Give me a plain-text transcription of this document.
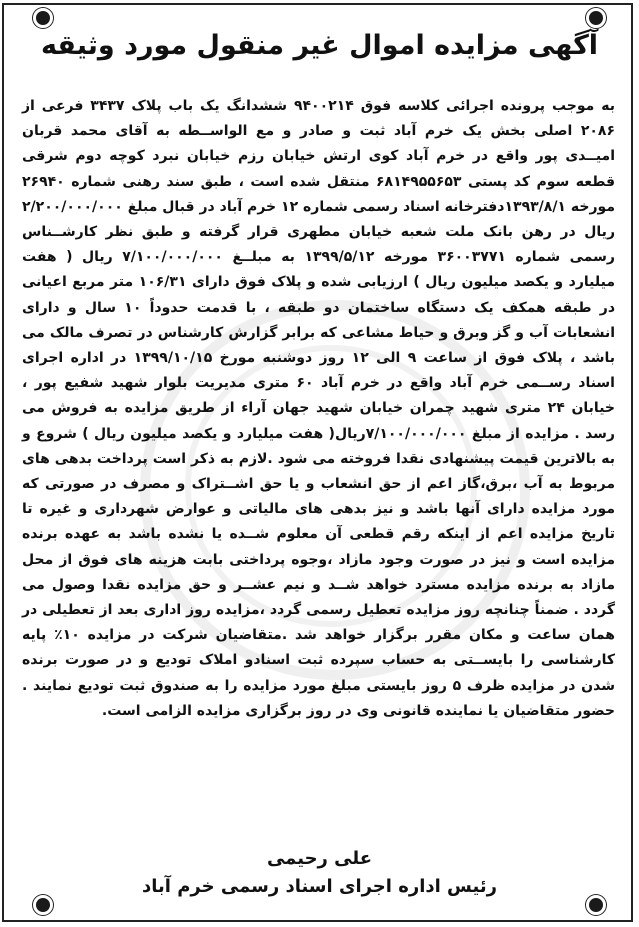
آگهی مزایده اموال غیر منقول مورد وثیقه
به موجب پرونده اجرائی کلاسه فوق ۹۴۰۰۲۱۴ ششدانگ یک باب پلاک ۳۴۳۷ فرعی از ۲۰۸۶ اصلی بخش یک خرم آباد ثبت و صادر و مع الواســطه به آقای محمد قربان امیــدی پور واقع در خرم آباد کوی ارتش خیابان رزم خیابان نبرد کوچه دوم شرقی قطعه سوم کد پستی ۶۸۱۴۹۵۵۶۵۳ منتقل شده است ، طبق سند رهنی شماره ۲۶۹۴۰ مورخه ۱۳۹۳/۸/۱دفترخانه اسناد رسمی شماره ۱۲ خرم آباد در قبال مبلغ ۲/۲۰۰/۰۰۰/۰۰۰ ریال در رهن بانک ملت شعبه خیابان مطهری قرار گرفته و طبق نظر کارشــناس رسمی شماره ۳۶۰۰۳۷۷۱ مورخه ۱۳۹۹/۵/۱۲ به مبلــغ ۷/۱۰۰/۰۰۰/۰۰۰ ریال ( هفت میلیارد و یکصد میلیون ریال ) ارزیابی شده و پلاک فوق دارای ۱۰۶/۳۱ متر مربع اعیانی در طبقه همکف یک دستگاه ساختمان دو طبقه ، با قدمت حدوداً ۱۰ سال و دارای انشعابات آب و گز وبرق و حیاط مشاعی که برابر گزارش کارشناس در تصرف مالک می باشد ، پلاک فوق از ساعت ۹ الی ۱۲ روز دوشنبه مورخ ۱۳۹۹/۱۰/۱۵ در اداره اجرای اسناد رســمی خرم آباد واقع در خرم آباد ۶۰ متری مدیریت بلوار شهید شفیع پور ، خیابان ۲۴ متری شهید چمران خیابان شهید جهان آراء از طریق مزایده به فروش می رسد . مزایده از مبلغ ۷/۱۰۰/۰۰۰/۰۰۰ریال( هفت میلیارد و یکصد میلیون ریال ) شروع و به بالاترین قیمت پیشنهادی نقدا فروخته می شود .لازم به ذکر است پرداخت بدهی های مربوط به آب ،برق،گاز اعم از حق انشعاب و یا حق اشــتراک و مصرف در صورتی که مورد مزایده دارای آنها باشد و نیز بدهی های مالیاتی و عوارض شهرداری و غیره تا تاریخ مزایده اعم از اینکه رقم قطعی آن معلوم شــده یا نشده باشد به عهده برنده مزایده است و نیز در صورت وجود مازاد ،وجوه پرداختی بابت هزینه های فوق از محل مازاد به برنده مزایده مسترد خواهد شــد و نیم عشــر و حق مزایده نقدا وصول می گردد . ضمناً چنانچه روز مزایده تعطیل رسمی گردد ،مزایده روز اداری بعد از تعطیلی در همان ساعت و مکان مقرر برگزار خواهد شد .متقاضیان شرکت در مزایده ۱۰٪ پایه کارشناسی را بایســتی به حساب سپرده ثبت اسنادو املاک تودیع و در صورت برنده شدن در مزایده ظرف ۵ روز بایستی مبلغ مورد مزایده را به صندوق ثبت تودیع نمایند . حضور متقاضیان یا نماینده قانونی وی در روز برگزاری مزایده الزامی است.
علی رحیمی
رئیس اداره اجرای اسناد رسمی خرم آباد
